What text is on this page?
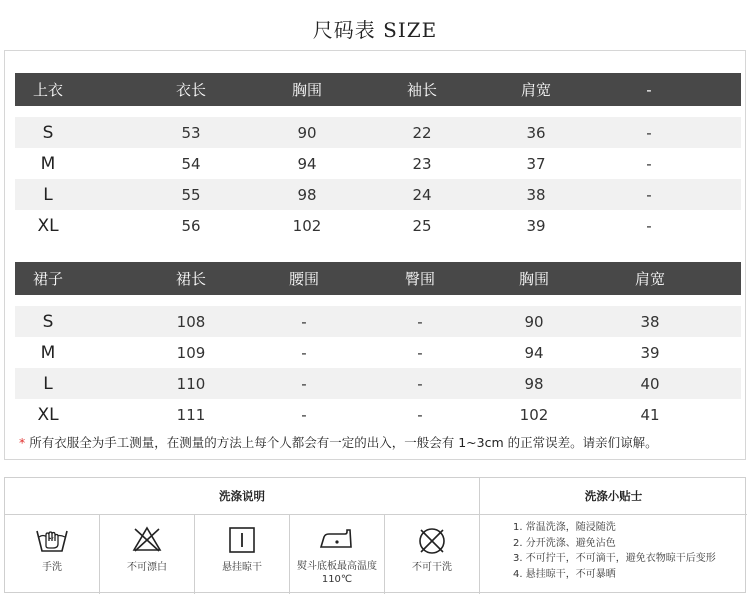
尺码表 SIZE
上衣	衣长	胸围	袖长	肩宽	-
S	53	90	22	36	-
M	54	94	23	37	-
L	55	98	24	38	-
XL	56	102	25	39	-
裙子	裙长	腰围	臀围	胸围	肩宽
S	108	-	-	90	38
M	109	-	-	94	39
L	110	-	-	98	40
XL	111	-	-	102	41
* 所有衣服全为手工测量，在测量的方法上每个人都会有一定的出入，一般会有 1~3cm 的正常误差。请亲们谅解。
洗涤说明	洗涤小贴士
手洗	不可漂白	悬挂晾干	熨斗底板最高温度110℃
不可干洗
1. 常温洗涤，随浸随洗
2. 分开洗涤、避免沾色
3. 不可拧干，不可滴干，避免衣物晾干后变形
4. 悬挂晾干，不可暴晒
